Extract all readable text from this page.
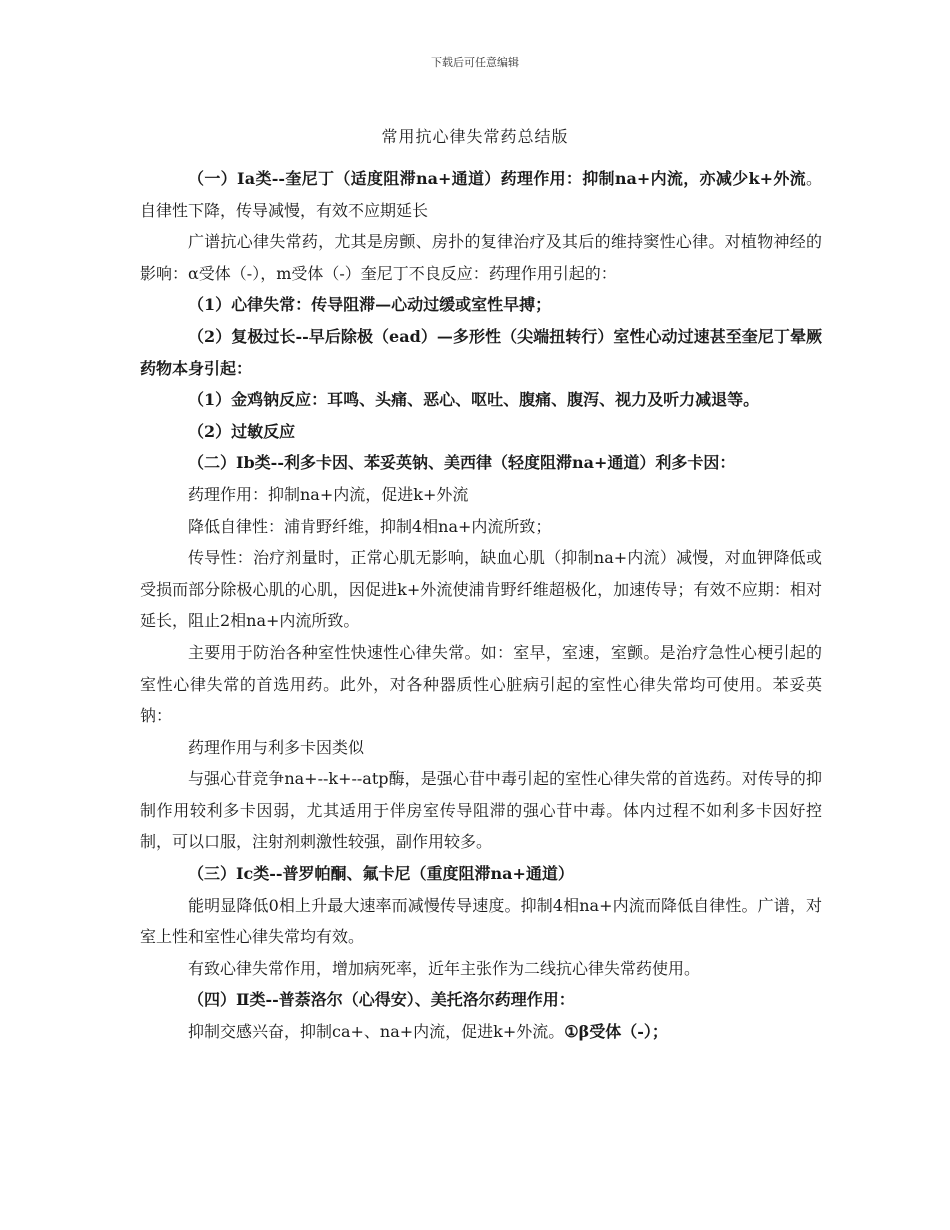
下载后可任意编辑
常用抗心律失常药总结版

（一）Ⅰa类--奎尼丁（适度阻滞na+通道）药理作用：抑制na+内流，亦减少k+外流。自律性下降，传导减慢，有效不应期延长

广谱抗心律失常药，尤其是房颤、房扑的复律治疗及其后的维持窦性心律。对植物神经的影响：α受体（-），m受体（-）奎尼丁不良反应：药理作用引起的：

（1）心律失常：传导阻滞—心动过缓或室性早搏；

（2）复极过长--早后除极（ead）—多形性（尖端扭转行）室性心动过速甚至奎尼丁晕厥药物本身引起：

（1）金鸡钠反应：耳鸣、头痛、恶心、呕吐、腹痛、腹泻、视力及听力减退等。

（2）过敏反应

（二）Ⅰb类--利多卡因、苯妥英钠、美西律（轻度阻滞na+通道）利多卡因：

药理作用：抑制na+内流，促进k+外流

降低自律性：浦肯野纤维，抑制4相na+内流所致；

传导性：治疗剂量时，正常心肌无影响，缺血心肌（抑制na+内流）减慢，对血钾降低或受损而部分除极心肌的心肌，因促进k+外流使浦肯野纤维超极化，加速传导；有效不应期：相对延长，阻止2相na+内流所致。

主要用于防治各种室性快速性心律失常。如：室早，室速，室颤。是治疗急性心梗引起的室性心律失常的首选用药。此外，对各种器质性心脏病引起的室性心律失常均可使用。苯妥英钠：

药理作用与利多卡因类似

与强心苷竞争na+--k+--atp酶，是强心苷中毒引起的室性心律失常的首选药。对传导的抑制作用较利多卡因弱，尤其适用于伴房室传导阻滞的强心苷中毒。体内过程不如利多卡因好控制，可以口服，注射剂刺激性较强，副作用较多。

（三）Ⅰc类--普罗帕酮、氟卡尼（重度阻滞na+通道）

能明显降低0相上升最大速率而减慢传导速度。抑制4相na+内流而降低自律性。广谱，对室上性和室性心律失常均有效。

有致心律失常作用，增加病死率，近年主张作为二线抗心律失常药使用。

（四）Ⅱ类--普萘洛尔（心得安）、美托洛尔药理作用：

抑制交感兴奋，抑制ca+、na+内流，促进k+外流。①β受体（-）；
